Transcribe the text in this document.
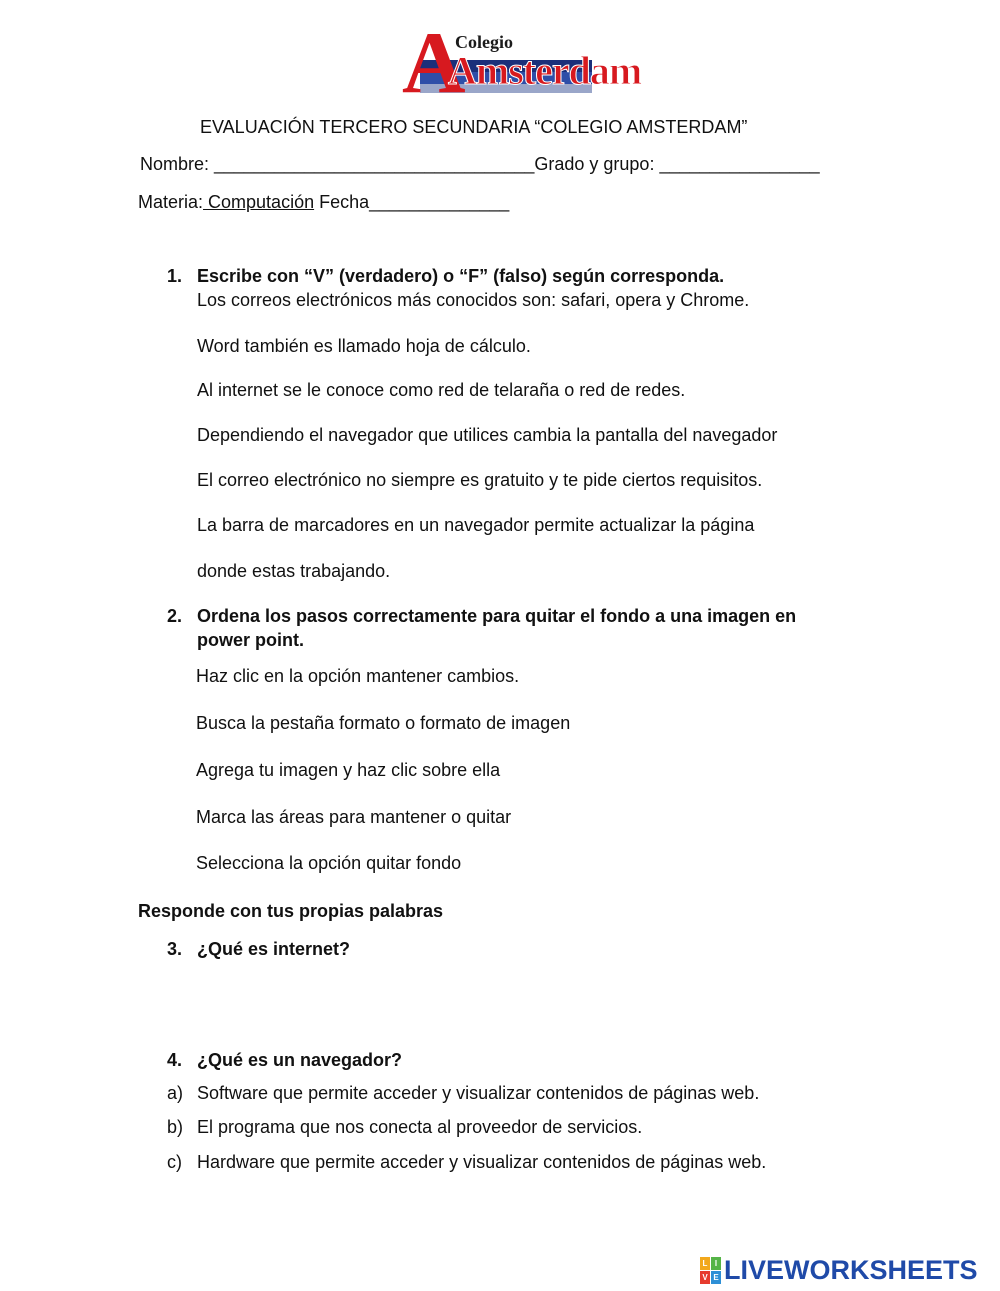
A
Amsterdam
Colegio
EVALUACIÓN TERCERO SECUNDARIA “COLEGIO AMSTERDAM”
Nombre: ________________________________Grado y grupo: ________________
Materia: Computación Fecha______________
1. Escribe con “V” (verdadero) o “F” (falso) según corresponda.
Los correos electrónicos más conocidos son: safari, opera y Chrome.
Word también es llamado hoja de cálculo.
Al internet se le conoce como red de telaraña o red de redes.
Dependiendo el navegador que utilices cambia la pantalla del navegador
El correo electrónico no siempre es gratuito y te pide ciertos requisitos.
La barra de marcadores en un navegador permite actualizar la página
donde estas trabajando.
2. Ordena los pasos correctamente para quitar el fondo a una imagen en
power point.
Haz clic en la opción mantener cambios.
Busca la pestaña formato o formato de imagen
Agrega tu imagen y haz clic sobre ella
Marca las áreas para mantener o quitar
Selecciona la opción quitar fondo
Responde con tus propias palabras
3. ¿Qué es internet?
4. ¿Qué es un navegador?
a) Software que permite acceder y visualizar contenidos de páginas web.
b) El programa que nos conecta al proveedor de servicios.
c) Hardware que permite acceder y visualizar contenidos de páginas web.
L I
V E LIVEWORKSHEETS
